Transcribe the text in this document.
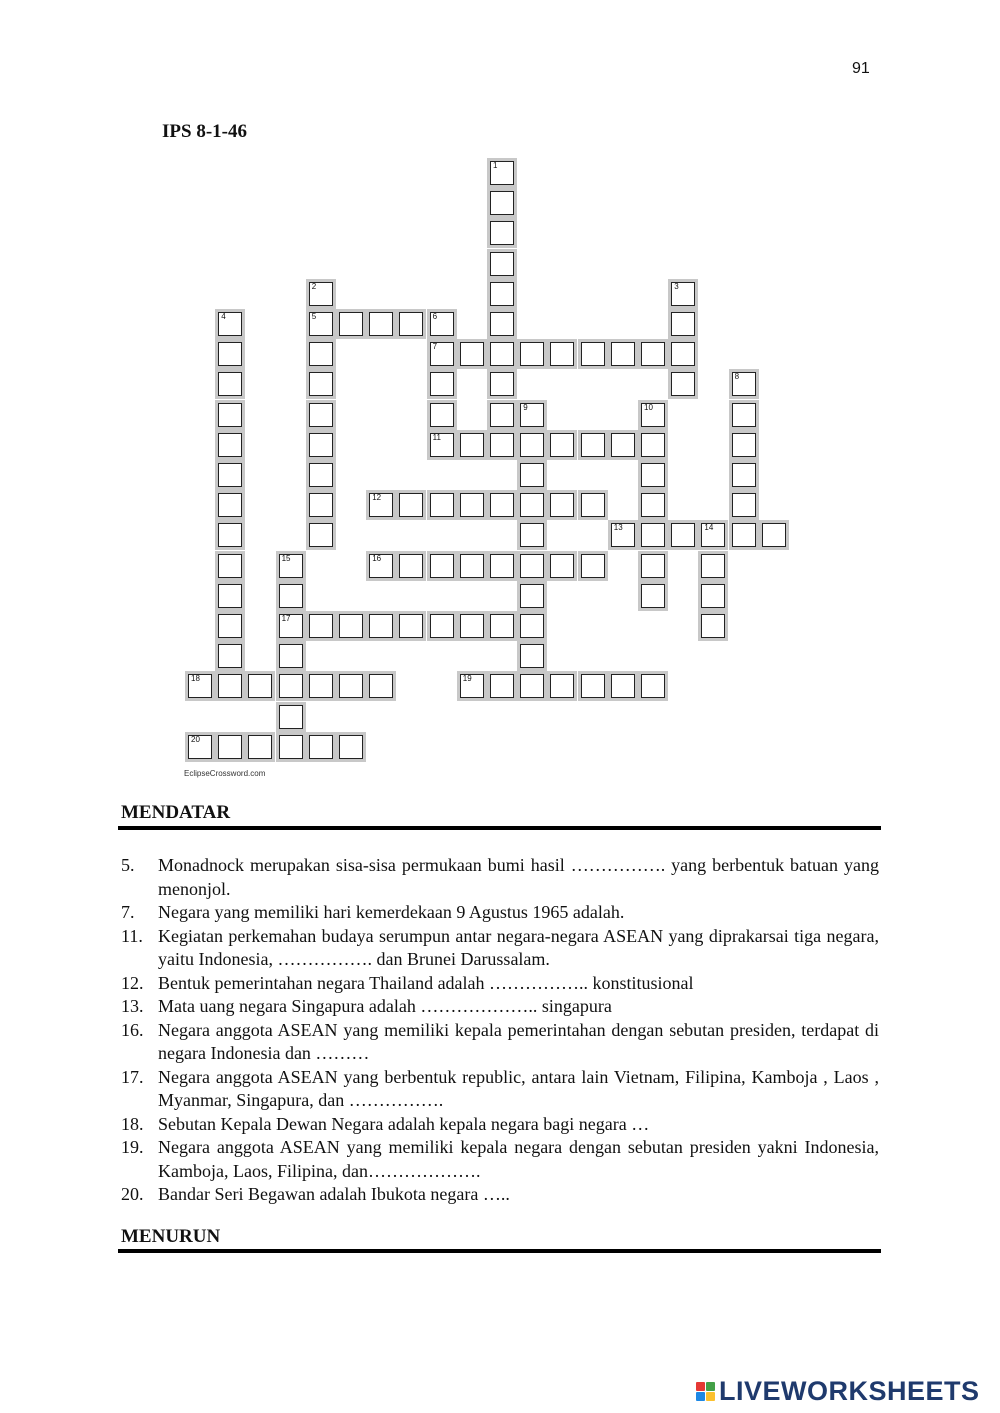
91
IPS 8-1-46
5	6
7
11
12
13	14
16
17
18	19
20
1
2	3
4
8
9	10
15
EclipseCrossword.com
MENDATAR
5.	Monadnock merupakan sisa-sisa permukaan bumi hasil ……………. yang berbentuk batuan yang menonjol.
7.	Negara yang memiliki hari kemerdekaan 9 Agustus 1965 adalah.
11. Kegiatan perkemahan budaya serumpun antar negara-negara ASEAN yang diprakarsai tiga negara, yaitu Indonesia, ……………. dan Brunei Darussalam.
12. Bentuk pemerintahan negara Thailand adalah …………….. konstitusional
13. Mata uang negara Singapura adalah ……………….. singapura
16. Negara anggota ASEAN yang memiliki kepala pemerintahan dengan sebutan presiden, terdapat di negara Indonesia dan ………
17. Negara anggota ASEAN yang berbentuk republic, antara lain Vietnam, Filipina, Kamboja , Laos , Myanmar, Singapura, dan …………….
18. Sebutan Kepala Dewan Negara adalah kepala negara bagi negara …
19. Negara anggota ASEAN yang memiliki kepala negara dengan sebutan presiden yakni Indonesia, Kamboja, Laos, Filipina, dan……………….
20. Bandar Seri Begawan adalah Ibukota negara …..
MENURUN
LIVEWORKSHEETS
